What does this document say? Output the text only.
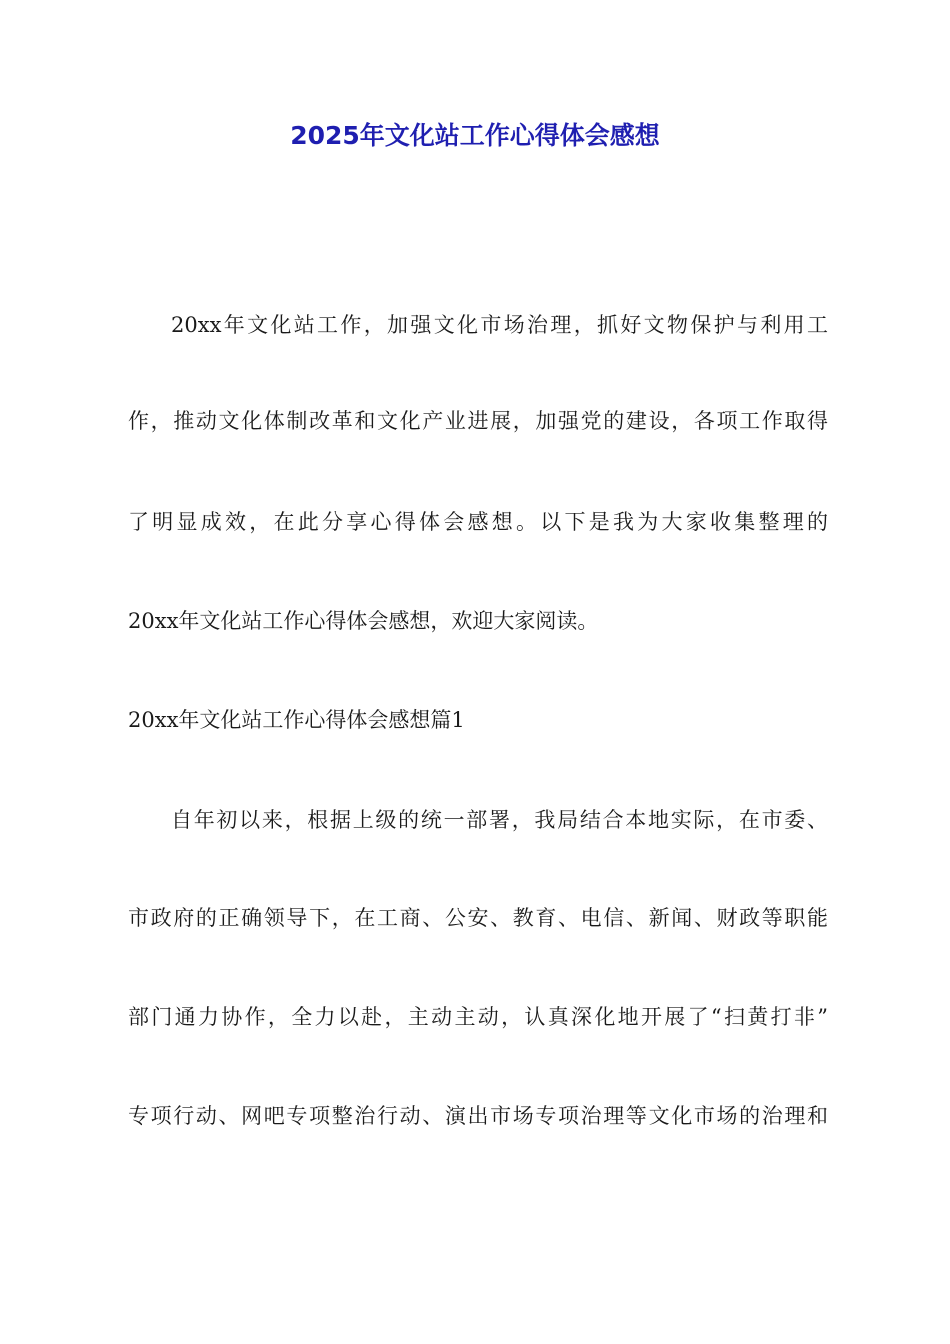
2025年文化站工作心得体会感想
20xx年文化站工作，加强文化市场治理，抓好文物保护与利用工
作，推动文化体制改革和文化产业进展，加强党的建设，各项工作取得
了明显成效，在此分享心得体会感想。以下是我为大家收集整理的
20xx年文化站工作心得体会感想，欢迎大家阅读。
20xx年文化站工作心得体会感想篇1
自年初以来，根据上级的统一部署，我局结合本地实际，在市委、
市政府的正确领导下，在工商、公安、教育、电信、新闻、财政等职能
部门通力协作，全力以赴，主动主动，认真深化地开展了“扫黄打非”
专项行动、网吧专项整治行动、演出市场专项治理等文化市场的治理和
